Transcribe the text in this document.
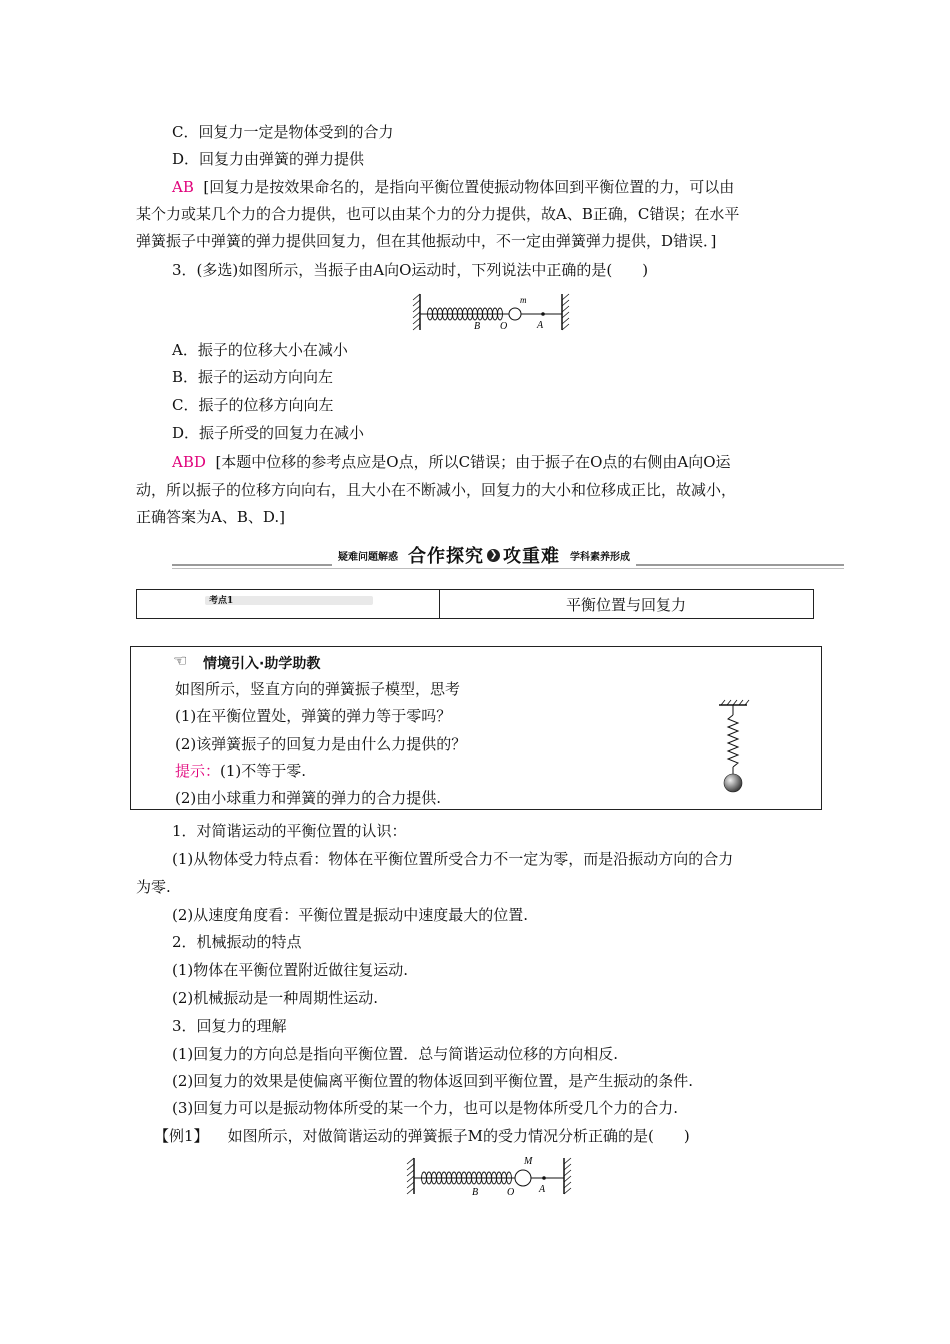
C．回复力一定是物体受到的合力
D．回复力由弹簧的弹力提供
AB [回复力是按效果命名的，是指向平衡位置使振动物体回到平衡位置的力，可以由
某个力或某几个力的合力提供，也可以由某个力的分力提供，故A、B正确，C错误；在水平
弹簧振子中弹簧的弹力提供回复力，但在其他振动中，不一定由弹簧弹力提供，D错误．]
3．(多选)如图所示，当振子由A向O运动时，下列说法中正确的是(　　)
m
B O	A
A．振子的位移大小在减小
B．振子的运动方向向左
C．振子的位移方向向左
D．振子所受的回复力在减小
ABD [本题中位移的参考点应是O点，所以C错误；由于振子在O点的右侧由A向O运
动，所以振子的位移方向向右，且大小在不断减小，回复力的大小和位移成正比，故减小，
正确答案为A、B、D.]
疑难问题解惑 合作探究 ❯ 攻重难 学科素养形成
考点1	平衡位置与回复力
☜ 情境引入·助学助教
如图所示，竖直方向的弹簧振子模型，思考
(1)在平衡位置处，弹簧的弹力等于零吗？
(2)该弹簧振子的回复力是由什么力提供的？
提示：(1)不等于零.
(2)由小球重力和弹簧的弹力的合力提供.
1．对简谐运动的平衡位置的认识：
(1)从物体受力特点看：物体在平衡位置所受合力不一定为零，而是沿振动方向的合力
为零.
(2)从速度角度看：平衡位置是振动中速度最大的位置.
2．机械振动的特点
(1)物体在平衡位置附近做往复运动.
(2)机械振动是一种周期性运动.
3．回复力的理解
(1)回复力的方向总是指向平衡位置．总与简谐运动位移的方向相反.
(2)回复力的效果是使偏离平衡位置的物体返回到平衡位置，是产生振动的条件.
(3)回复力可以是振动物体所受的某一个力，也可以是物体所受几个力的合力.
【例1】 如图所示，对做简谐运动的弹簧振子M的受力情况分析正确的是(　　)
M
B	O A
